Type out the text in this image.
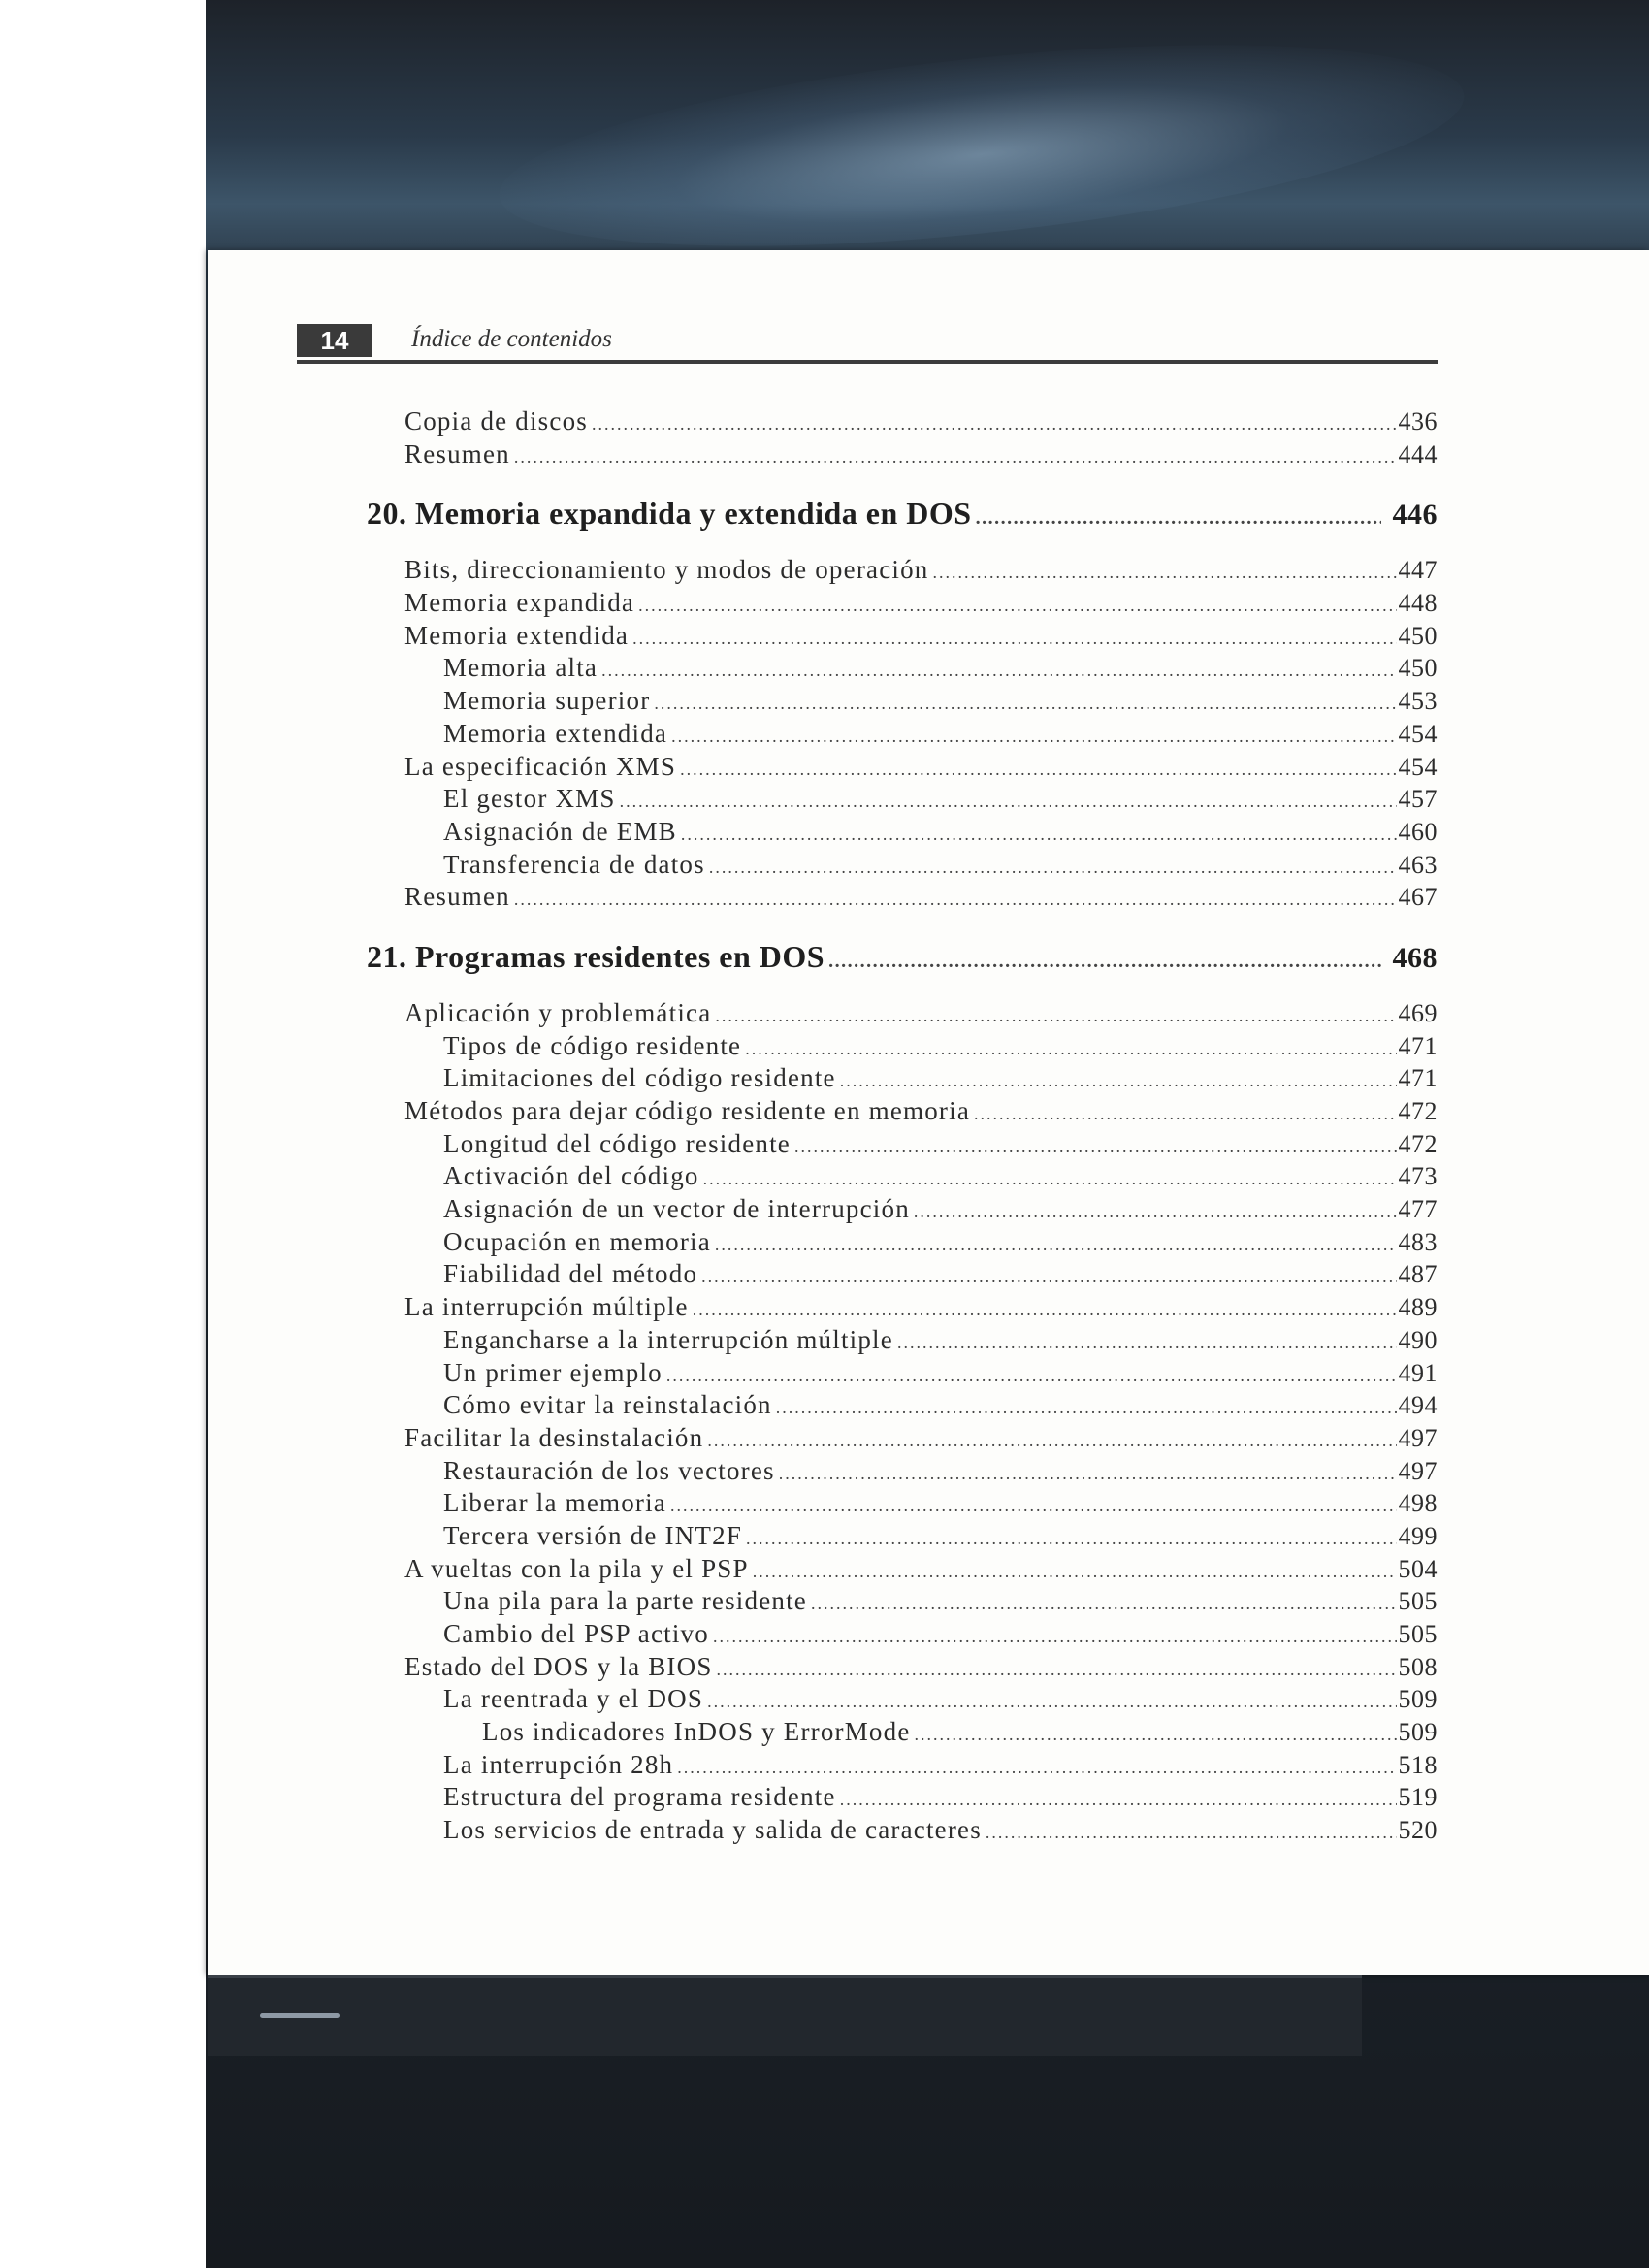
14	Índice de contenidos
Copia de discos .....	436
Resumen .....	444
20. Memoria expandida y extendida en DOS .....	446
Bits, direccionamiento y modos de operación .....	447
Memoria expandida .....	448
Memoria extendida .....	450
Memoria alta .....	450
Memoria superior .....	453
Memoria extendida .....	454
La especificación XMS .....	454
El gestor XMS .....	457
Asignación de EMB .....	460
Transferencia de datos .....	463
Resumen .....	467
21. Programas residentes en DOS .....	468
Aplicación y problemática .....	469
Tipos de código residente .....	471
Limitaciones del código residente .....	471
Métodos para dejar código residente en memoria .....	472
Longitud del código residente .....	472
Activación del código .....	473
Asignación de un vector de interrupción .....	477
Ocupación en memoria .....	483
Fiabilidad del método .....	487
La interrupción múltiple .....	489
Engancharse a la interrupción múltiple .....	490
Un primer ejemplo .....	491
Cómo evitar la reinstalación .....	494
Facilitar la desinstalación .....	497
Restauración de los vectores .....	497
Liberar la memoria .....	498
Tercera versión de INT2F .....	499
A vueltas con la pila y el PSP .....	504
Una pila para la parte residente .....	505
Cambio del PSP activo .....	505
Estado del DOS y la BIOS .....	508
La reentrada y el DOS .....	509
Los indicadores InDOS y ErrorMode .....	509
La interrupción 28h .....	518
Estructura del programa residente .....	519
Los servicios de entrada y salida de caracteres .....	520
